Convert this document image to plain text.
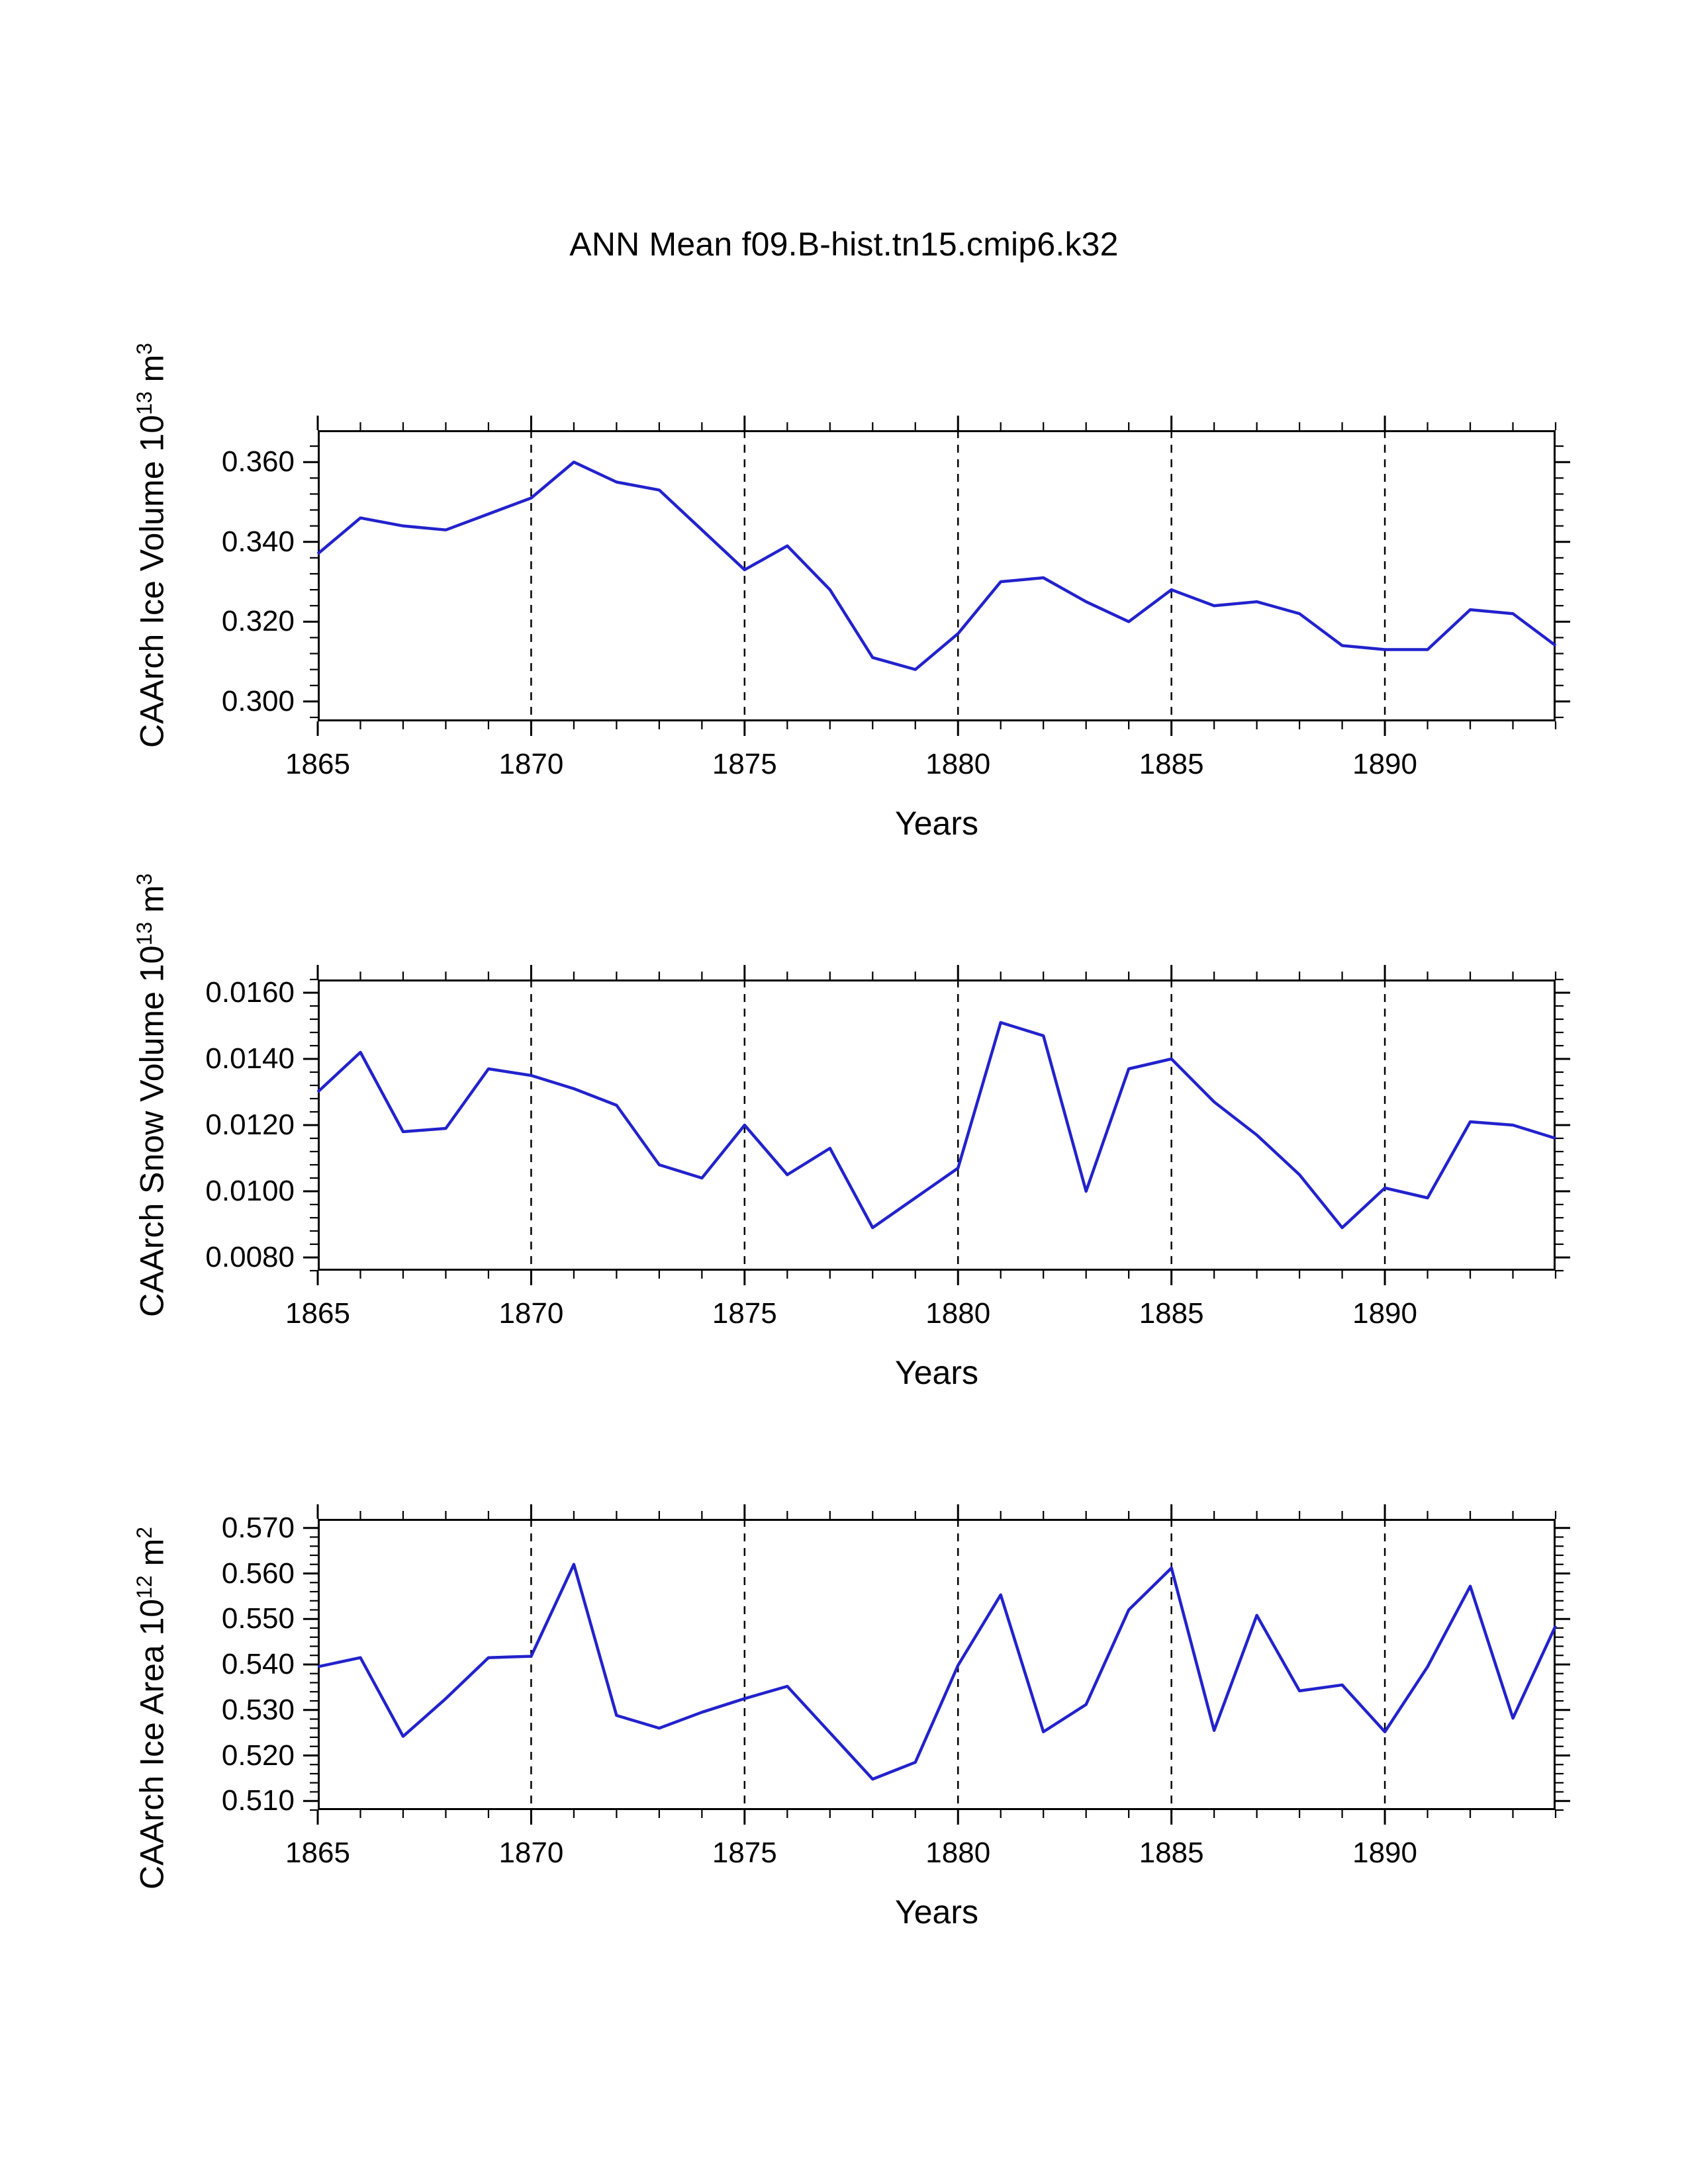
ANN Mean f09.B-hist.tn15.cmip6.k32
0.300
0.320
0.340
0.360
1865	1870	1875	1880	1885	1890
Years
CAArch Ice Volume $10^{13}$ $m^3$
0.0080
0.0100
0.0120
0.0140
0.0160
1865	1870	1875	1880	1885	1890
Years
CAArch Snow Volume $10^{13}$ $m^3$
0.510
0.520
0.530
0.540
0.550
0.560
0.570
1865	1870	1875	1880	1885	1890
Years
CAArch Ice Area $10^{12}$ $m^2$
